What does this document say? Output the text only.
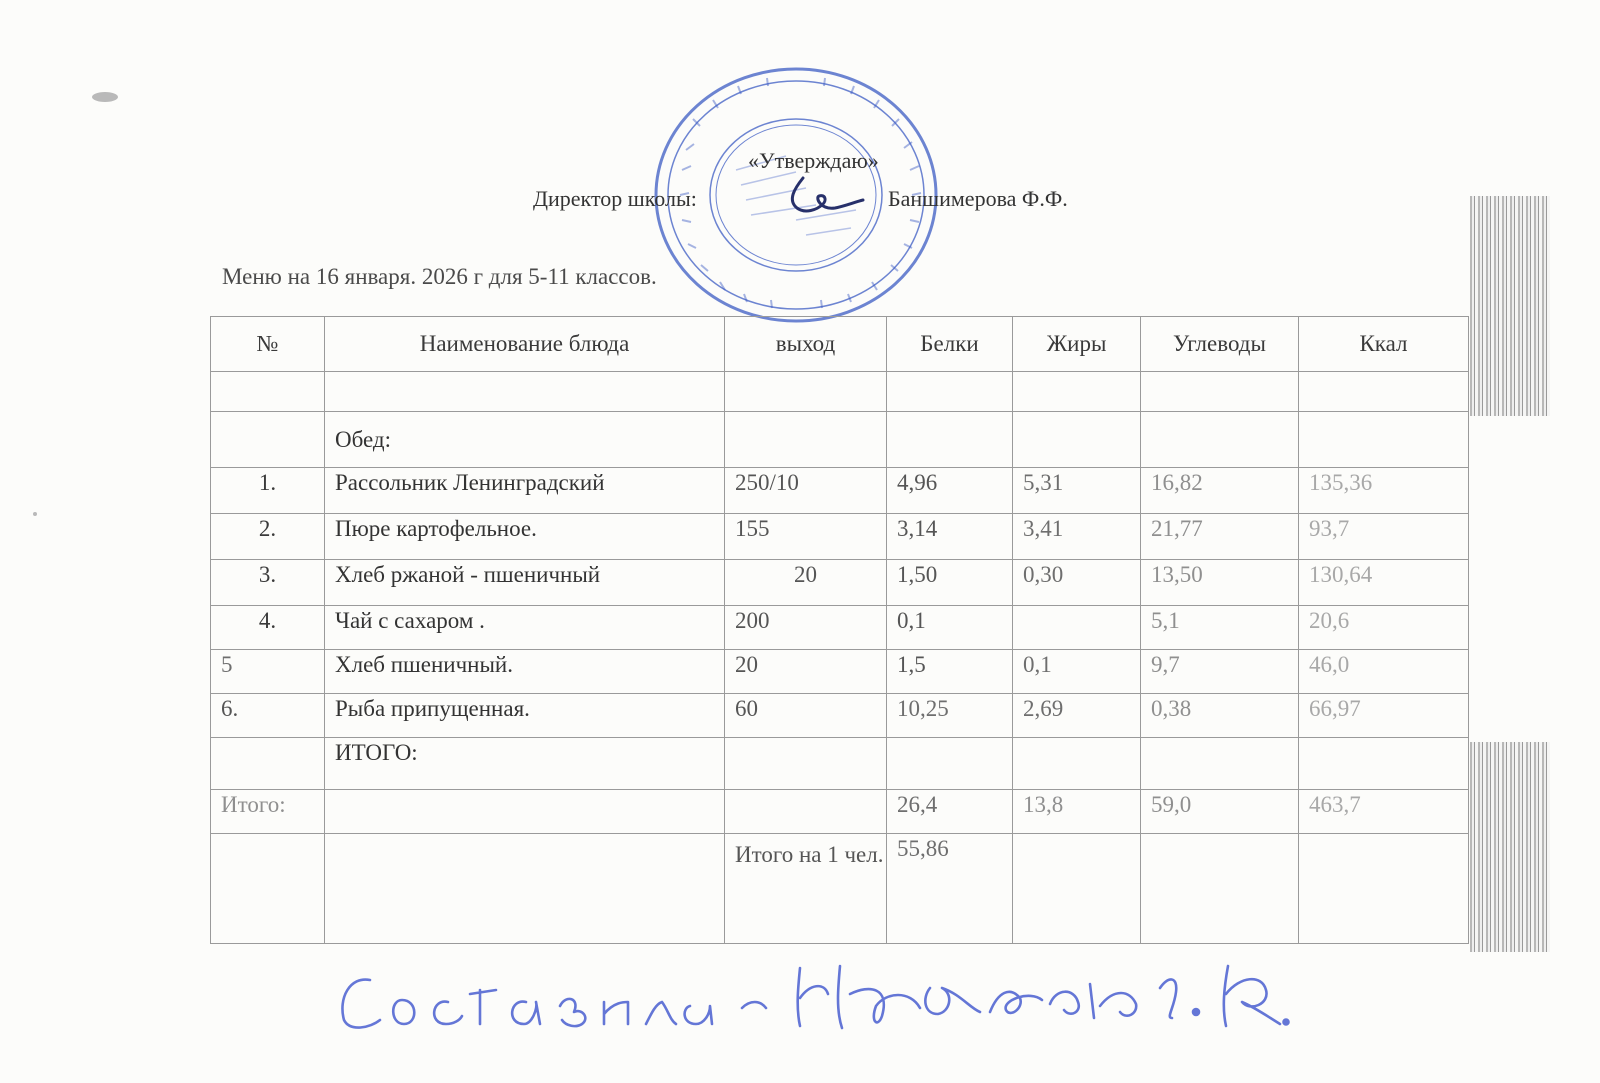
«Утверждаю»
Директор школы:	Баншимерова Ф.Ф.
Меню на 16 января. 2026 г для 5-11 классов.
№	Наименование блюда	выход	Белки	Жиры	Углеводы	Ккал

	Обед:					
1.	Рассольник Ленинградский	250/10	4,96	5,31	16,82	135,36
2.	Пюре картофельное.	155	3,14	3,41	21,77	93,7
3.	Хлеб ржаной - пшеничный	20	1,50	0,30	13,50	130,64
4.	Чай с сахаром .	200	0,1		5,1	20,6
5	Хлеб пшеничный.	20	1,5	0,1	9,7	46,0
6.	Рыба припущенная.	60	10,25	2,69	0,38	66,97
	ИТОГО:					
Итого:			26,4	13,8	59,0	463,7
		Итого на 1 чел.	55,86			
